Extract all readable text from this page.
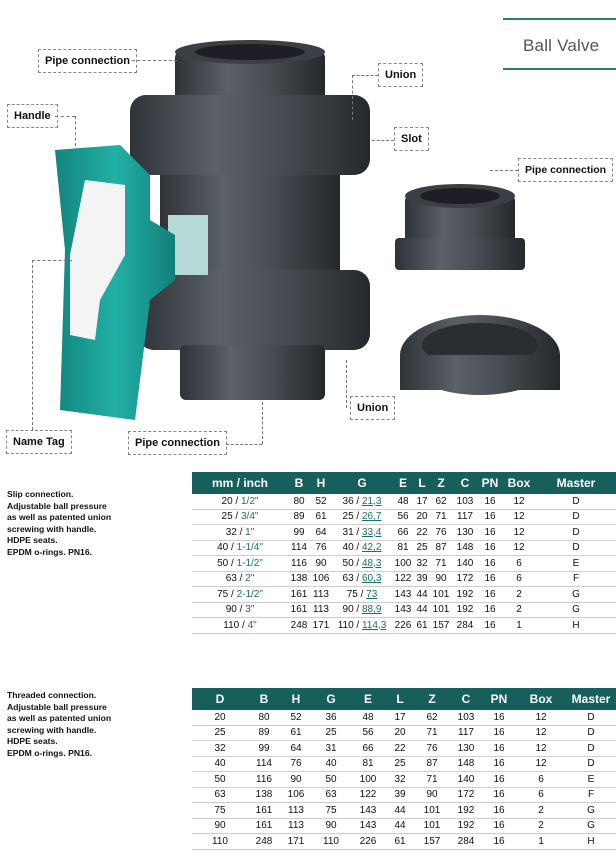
Ball Valve
Pipe connection
Handle
Union
Slot
Pipe connection
Union
Name Tag	Pipe connection
Slip connection.
Adjustable ball pressure
as well as patented union
screwing with handle.
HDPE seats.
EPDM o-rings. PN16.
Threaded connection.
Adjustable ball pressure
as well as patented union
screwing with handle.
HDPE seats.
EPDM o-rings. PN16.
mm / inch	B	H	G	E	L	Z	C	PN	Box	Master
20 / 1/2"	80	52	36 / 21,3	48	17	62	103	16	12	D
25 / 3/4"	89	61	25 / 26,7	56	20	71	117	16	12	D
32 / 1"	99	64	31 / 33,4	66	22	76	130	16	12	D
40 / 1-1/4"	114	76	40 / 42,2	81	25	87	148	16	12	D
50 / 1-1/2"	116	90	50 / 48,3	100	32	71	140	16	6	E
63 / 2"	138	106	63 / 60,3	122	39	90	172	16	6	F
75 / 2-1/2"	161	113	75 / 73	143	44	101	192	16	2	G
90 / 3"	161	113	90 / 88,9	143	44	101	192	16	2	G
110 / 4"	248	171	110 / 114,3	226	61	157	284	16	1	H
D	B	H	G	E	L	Z	C	PN	Box	Master
20	80	52	36	48	17	62	103	16	12	D
25	89	61	25	56	20	71	117	16	12	D
32	99	64	31	66	22	76	130	16	12	D
40	114	76	40	81	25	87	148	16	12	D
50	116	90	50	100	32	71	140	16	6	E
63	138	106	63	122	39	90	172	16	6	F
75	161	113	75	143	44	101	192	16	2	G
90	161	113	90	143	44	101	192	16	2	G
110	248	171	110	226	61	157	284	16	1	H
